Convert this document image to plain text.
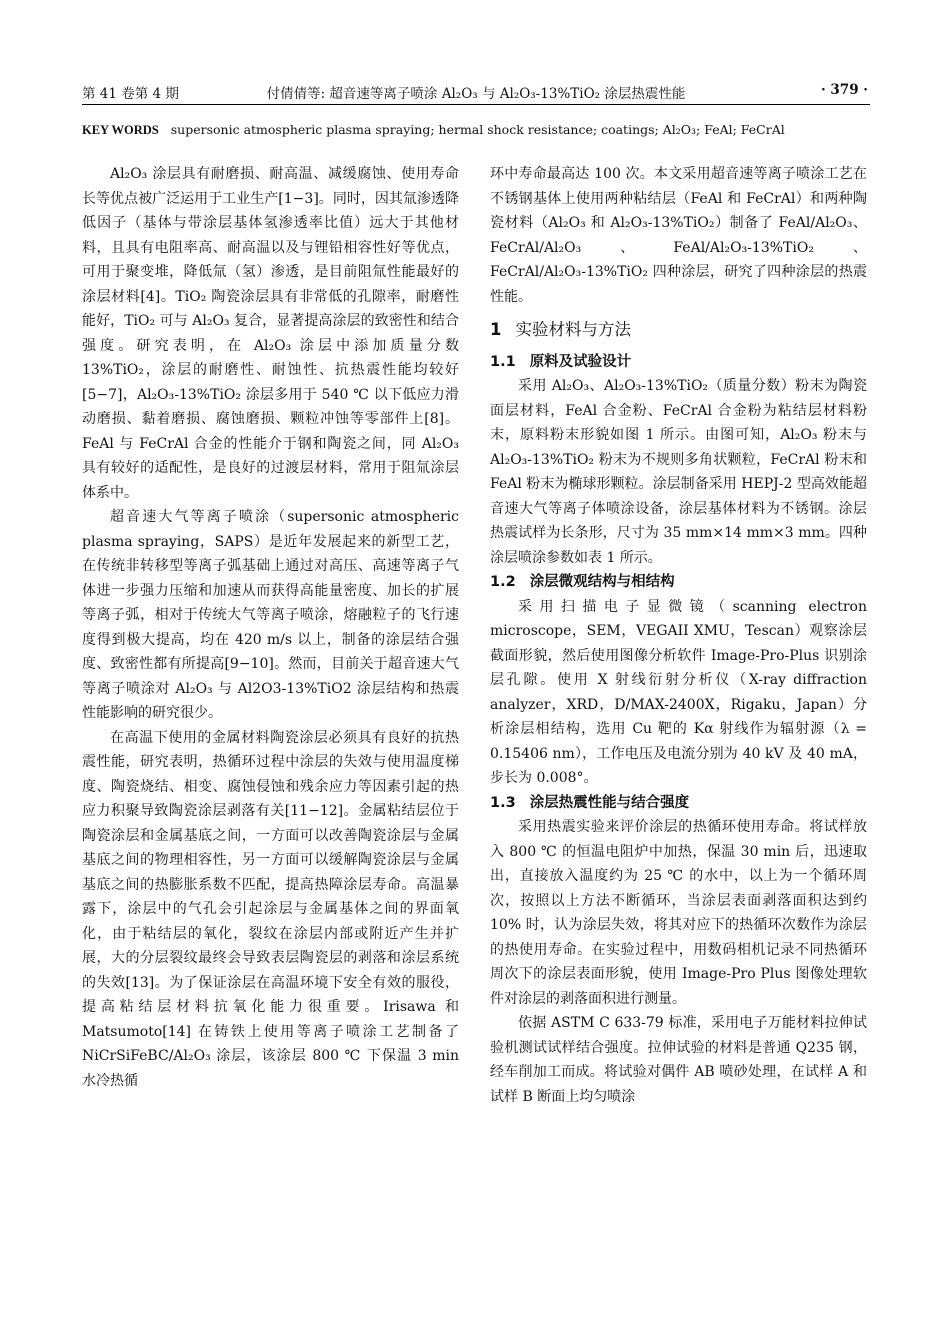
第 41 卷第 4 期	付倩倩等: 超音速等离子喷涂 Al₂O₃ 与 Al₂O₃-13%TiO₂ 涂层热震性能	· 379 ·
KEY WORDS supersonic atmospheric plasma spraying; hermal shock resistance; coatings; Al₂O₃; FeAl; FeCrAl

Al₂O₃ 涂层具有耐磨损、耐高温、减缓腐蚀、使用寿命长等优点被广泛运用于工业生产[1−3]。同时，因其氚渗透降低因子（基体与带涂层基体氢渗透率比值）远大于其他材料，且具有电阻率高、耐高温以及与锂铅相容性好等优点，可用于聚变堆，降低氚（氢）渗透，是目前阻氚性能最好的涂层材料[4]。TiO₂ 陶瓷涂层具有非常低的孔隙率，耐磨性能好，TiO₂ 可与 Al₂O₃ 复合，显著提高涂层的致密性和结合强度。研究表明，在 Al₂O₃ 涂层中添加质量分数 13%TiO₂，涂层的耐磨性、耐蚀性、抗热震性能均较好[5−7]，Al₂O₃-13%TiO₂ 涂层多用于 540 ℃ 以下低应力滑动磨损、黏着磨损、腐蚀磨损、颗粒冲蚀等零部件上[8]。FeAl 与 FeCrAl 合金的性能介于钢和陶瓷之间，同 Al₂O₃ 具有较好的适配性，是良好的过渡层材料，常用于阻氚涂层体系中。

超音速大气等离子喷涂（supersonic atmospheric plasma spraying，SAPS）是近年发展起来的新型工艺，在传统非转移型等离子弧基础上通过对高压、高速等离子气体进一步强力压缩和加速从而获得高能量密度、加长的扩展等离子弧，相对于传统大气等离子喷涂，熔融粒子的飞行速度得到极大提高，均在 420 m/s 以上，制备的涂层结合强度、致密性都有所提高[9−10]。然而，目前关于超音速大气等离子喷涂对 Al₂O₃ 与 Al2O3-13%TiO2 涂层结构和热震性能影响的研究很少。

在高温下使用的金属材料陶瓷涂层必须具有良好的抗热震性能，研究表明，热循环过程中涂层的失效与使用温度梯度、陶瓷烧结、相变、腐蚀侵蚀和残余应力等因素引起的热应力积聚导致陶瓷涂层剥落有关[11−12]。金属粘结层位于陶瓷涂层和金属基底之间，一方面可以改善陶瓷涂层与金属基底之间的物理相容性，另一方面可以缓解陶瓷涂层与金属基底之间的热膨胀系数不匹配，提高热障涂层寿命。高温暴露下，涂层中的气孔会引起涂层与金属基体之间的界面氧化，由于粘结层的氧化，裂纹在涂层内部或附近产生并扩展，大的分层裂纹最终会导致表层陶瓷层的剥落和涂层系统的失效[13]。为了保证涂层在高温环境下安全有效的服役，提高粘结层材料抗氧化能力很重要。Irisawa 和 Matsumoto[14] 在铸铁上使用等离子喷涂工艺制备了 NiCrSiFeBC/Al₂O₃ 涂层，该涂层 800 ℃ 下保温 3 min 水冷热循

环中寿命最高达 100 次。本文采用超音速等离子喷涂工艺在不锈钢基体上使用两种粘结层（FeAl 和 FeCrAl）和两种陶瓷材料（Al₂O₃ 和 Al₂O₃-13%TiO₂）制备了 FeAl/Al₂O₃、FeCrAl/Al₂O₃、FeAl/Al₂O₃-13%TiO₂、FeCrAl/Al₂O₃-13%TiO₂ 四种涂层，研究了四种涂层的热震性能。

1 实验材料与方法
1.1 原料及试验设计

采用 Al₂O₃、Al₂O₃-13%TiO₂（质量分数）粉末为陶瓷面层材料，FeAl 合金粉、FeCrAl 合金粉为粘结层材料粉末，原料粉末形貌如图 1 所示。由图可知，Al₂O₃ 粉末与 Al₂O₃-13%TiO₂ 粉末为不规则多角状颗粒，FeCrAl 粉末和 FeAl 粉末为椭球形颗粒。涂层制备采用 HEPJ-2 型高效能超音速大气等离子体喷涂设备，涂层基体材料为不锈钢。涂层热震试样为长条形，尺寸为 35 mm×14 mm×3 mm。四种涂层喷涂参数如表 1 所示。

1.2 涂层微观结构与相结构

采用扫描电子显微镜（scanning electron microscope，SEM，VEGAII XMU，Tescan）观察涂层截面形貌，然后使用图像分析软件 Image-Pro-Plus 识别涂层孔隙。使用 X 射线衍射分析仪（X-ray diffraction analyzer，XRD，D/MAX-2400X，Rigaku，Japan）分析涂层相结构，选用 Cu 靶的 Kα 射线作为辐射源（λ = 0.15406 nm），工作电压及电流分别为 40 kV 及 40 mA，步长为 0.008°。

1.3 涂层热震性能与结合强度

采用热震实验来评价涂层的热循环使用寿命。将试样放入 800 ℃ 的恒温电阻炉中加热，保温 30 min 后，迅速取出，直接放入温度约为 25 ℃ 的水中，以上为一个循环周次，按照以上方法不断循环，当涂层表面剥落面积达到约 10% 时，认为涂层失效，将其对应下的热循环次数作为涂层的热使用寿命。在实验过程中，用数码相机记录不同热循环周次下的涂层表面形貌，使用 Image-Pro Plus 图像处理软件对涂层的剥落面积进行测量。

依据 ASTM C 633-79 标准，采用电子万能材料拉伸试验机测试试样结合强度。拉伸试验的材料是普通 Q235 钢，经车削加工而成。将试验对偶件 AB 喷砂处理，在试样 A 和试样 B 断面上均匀喷涂
